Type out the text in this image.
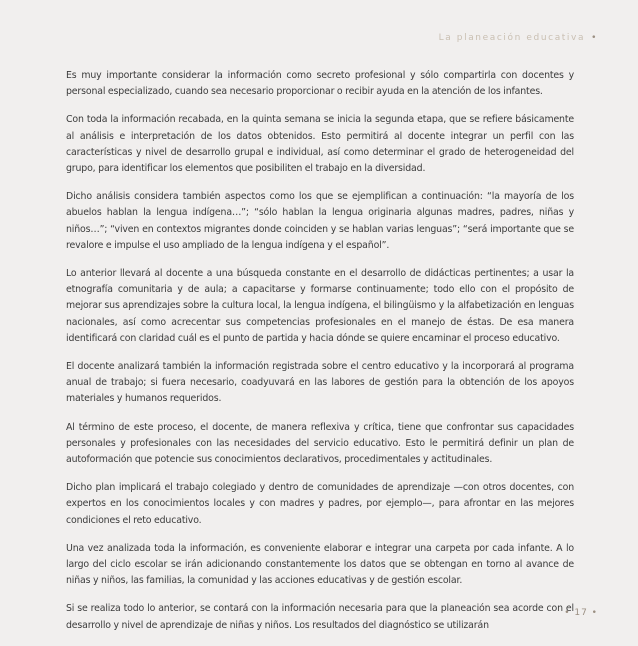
La planeación educativa •

Es muy importante considerar la información como secreto profesional y sólo compartirla con docentes y personal especializado, cuando sea necesario proporcionar o recibir ayuda en la atención de los infantes.

Con toda la información recabada, en la quinta semana se inicia la segunda etapa, que se refiere básicamente al análisis e interpretación de los datos obtenidos. Esto permitirá al docente integrar un perfil con las características y nivel de desarrollo grupal e individual, así como determinar el grado de heterogeneidad del grupo, para identificar los elementos que posibiliten el trabajo en la diversidad.

Dicho análisis considera también aspectos como los que se ejemplifican a continuación: “la mayoría de los abuelos hablan la lengua indígena…”; “sólo hablan la lengua originaria algunas madres, padres, niñas y niños…”; “viven en contextos migrantes donde coinciden y se hablan varias lenguas”; “será importante que se revalore e impulse el uso ampliado de la lengua indígena y el español”.

Lo anterior llevará al docente a una búsqueda constante en el desarrollo de didácticas pertinentes; a usar la etnografía comunitaria y de aula; a capacitarse y formarse continuamente; todo ello con el propósito de mejorar sus aprendizajes sobre la cultura local, la lengua indígena, el bilingüismo y la alfabetización en lenguas nacionales, así como acrecentar sus competencias profesionales en el manejo de éstas. De esa manera identificará con claridad cuál es el punto de partida y hacia dónde se quiere encaminar el proceso educativo.

El docente analizará también la información registrada sobre el centro educativo y la incorporará al programa anual de trabajo; si fuera necesario, coadyuvará en las labores de gestión para la obtención de los apoyos materiales y humanos requeridos.

Al término de este proceso, el docente, de manera reflexiva y crítica, tiene que confrontar sus capacidades personales y profesionales con las necesidades del servicio educativo. Esto le permitirá definir un plan de autoformación que potencie sus conocimientos declarativos, procedimentales y actitudinales.

Dicho plan implicará el trabajo colegiado y dentro de comunidades de aprendizaje —con otros docentes, con expertos en los conocimientos locales y con madres y padres, por ejemplo—, para afrontar en las mejores condiciones el reto educativo.

Una vez analizada toda la información, es conveniente elaborar e integrar una carpeta por cada infante. A lo largo del ciclo escolar se irán adicionando constantemente los datos que se obtengan en torno al avance de niñas y niños, las familias, la comunidad y las acciones educativas y de gestión escolar.

Si se realiza todo lo anterior, se contará con la información necesaria para que la planeación sea acorde con el desarrollo y nivel de aprendizaje de niñas y niños. Los resultados del diagnóstico se utilizarán

• 17 •
